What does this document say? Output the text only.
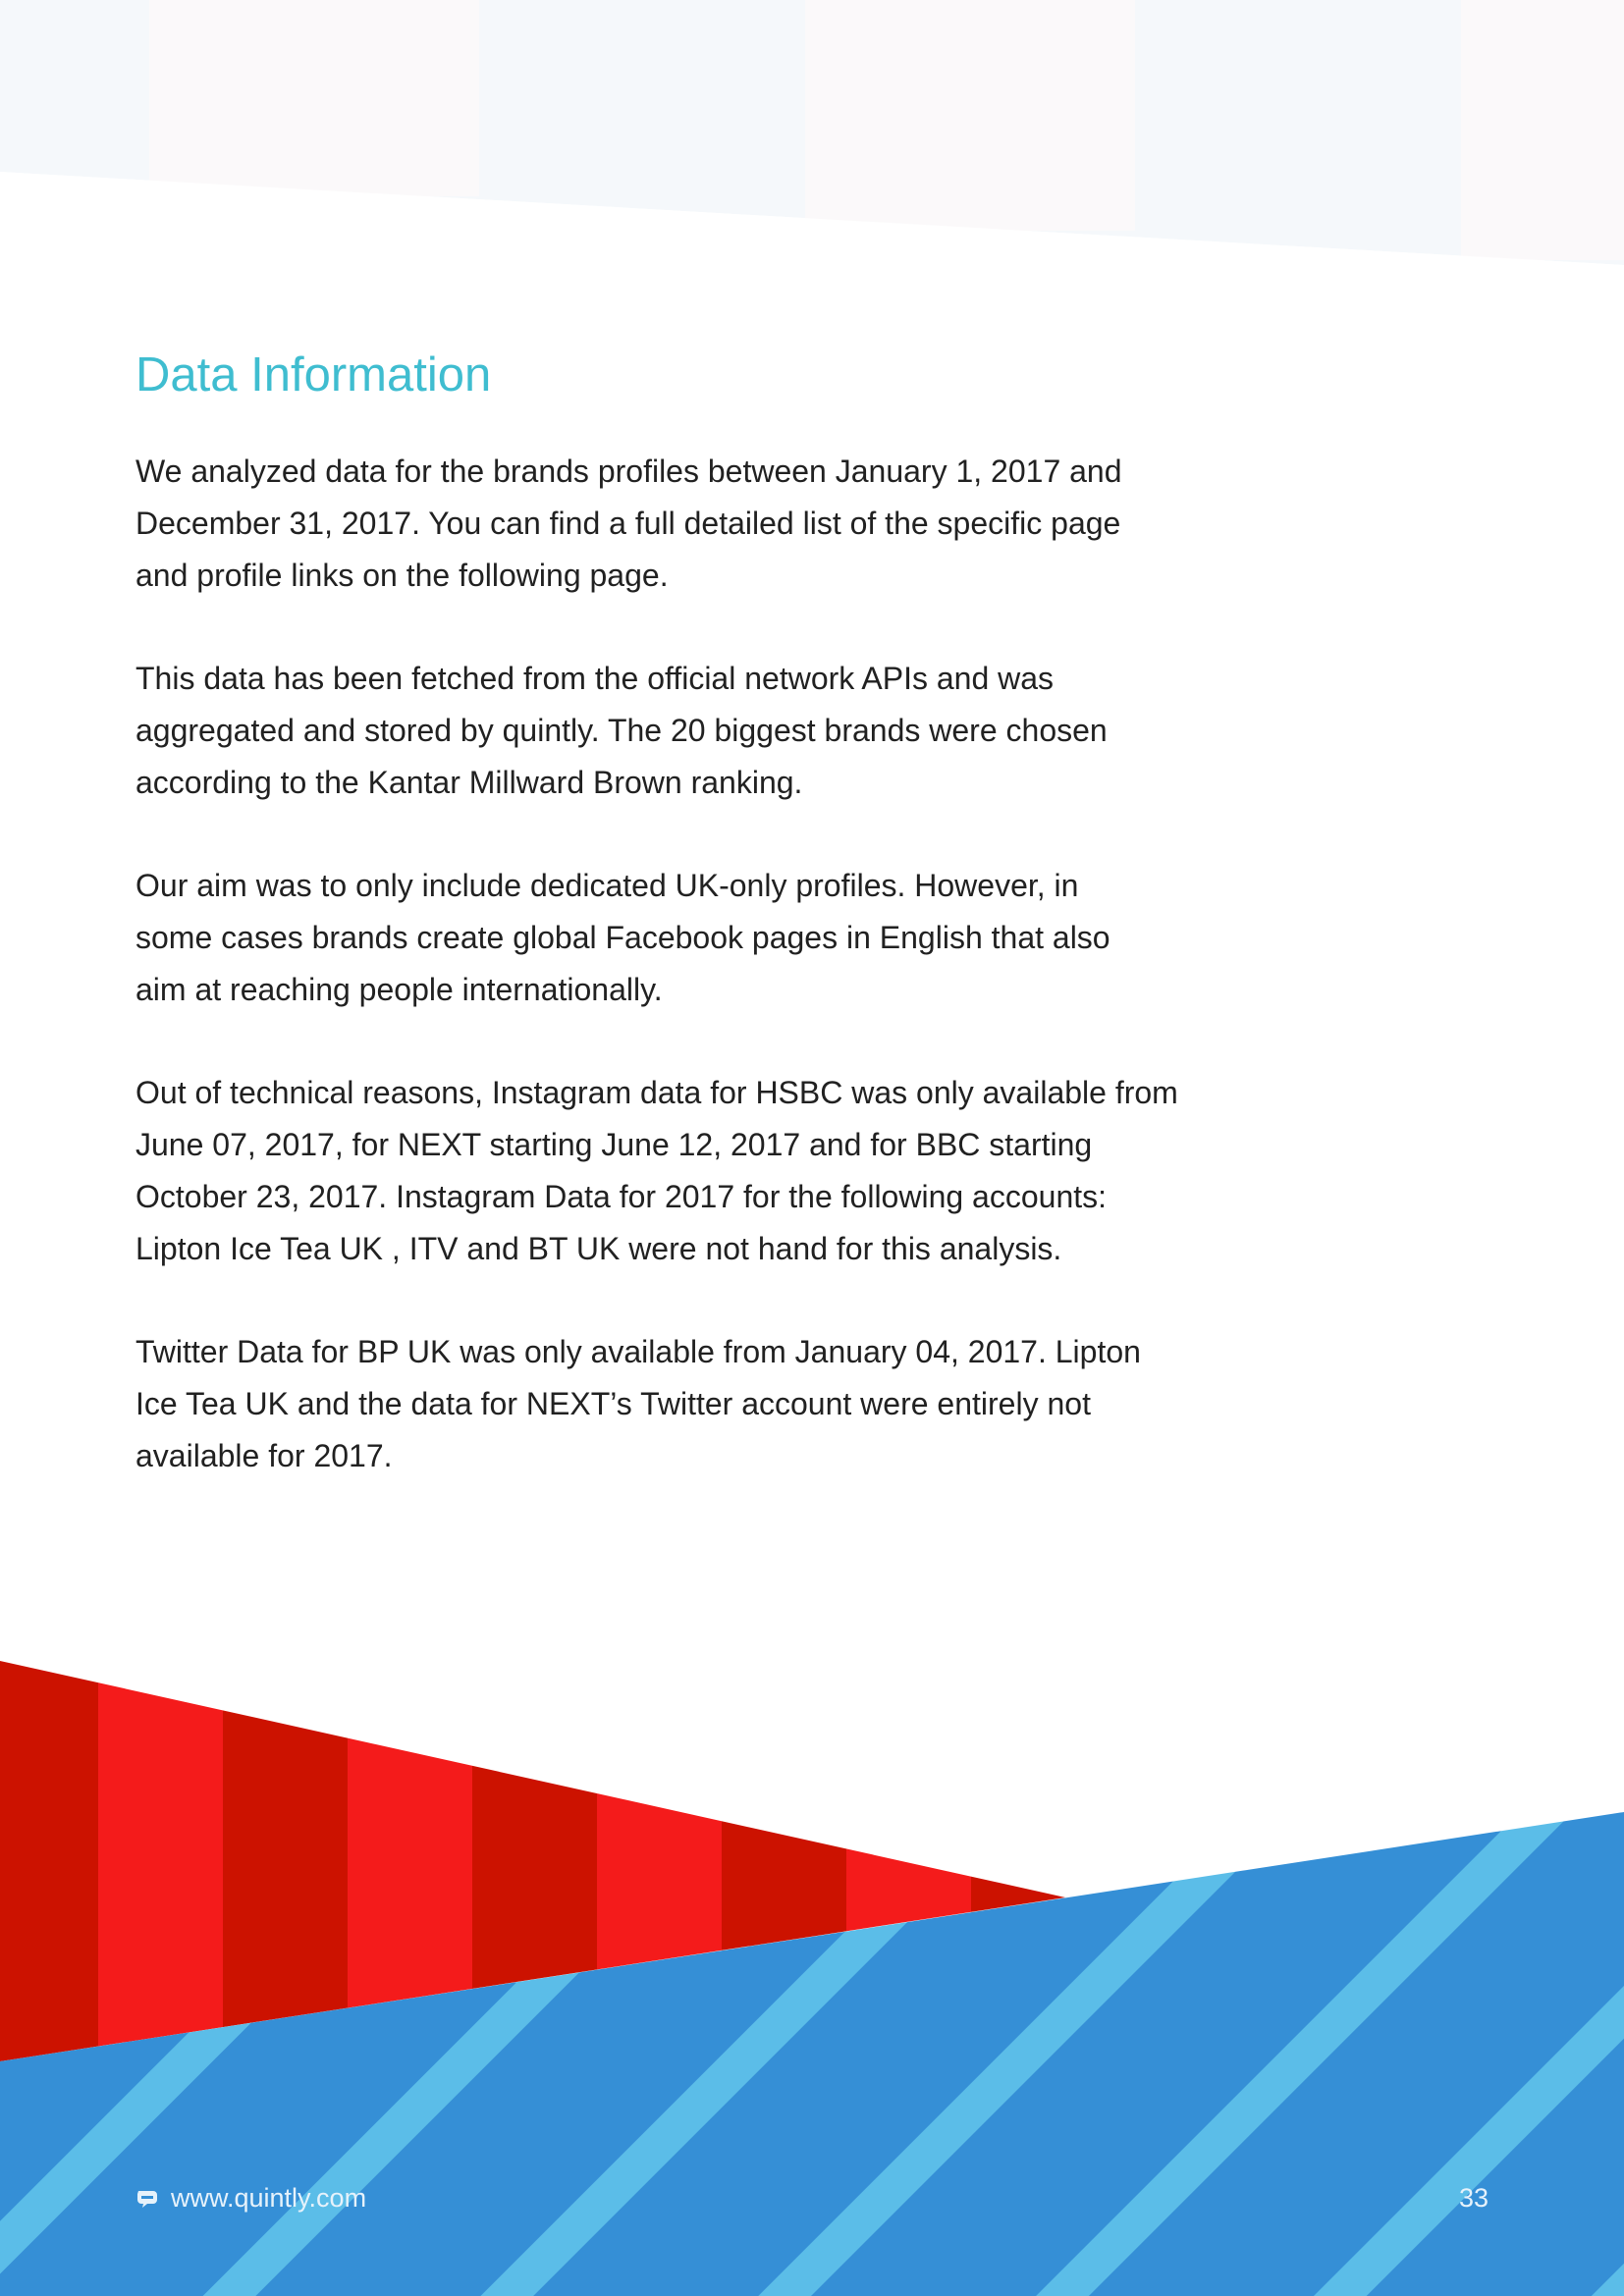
Data Information

We analyzed data for the brands profiles between January 1, 2017 and
December 31, 2017. You can find a full detailed list of the specific page
and profile links on the following page.

This data has been fetched from the official network APIs and was
aggregated and stored by quintly. The 20 biggest brands were chosen
according to the Kantar Millward Brown ranking.

Our aim was to only include dedicated UK-only profiles. However, in
some cases brands create global Facebook pages in English that also
aim at reaching people internationally.

Out of technical reasons, Instagram data for HSBC was only available from
June 07, 2017, for NEXT starting June 12, 2017 and for BBC starting
October 23, 2017. Instagram Data for 2017 for the following accounts:
Lipton Ice Tea UK , ITV and BT UK were not hand for this analysis.

Twitter Data for BP UK was only available from January 04, 2017. Lipton
Ice Tea UK and the data for NEXT’s Twitter account were entirely not
available for 2017.

www.quintly.com	33
